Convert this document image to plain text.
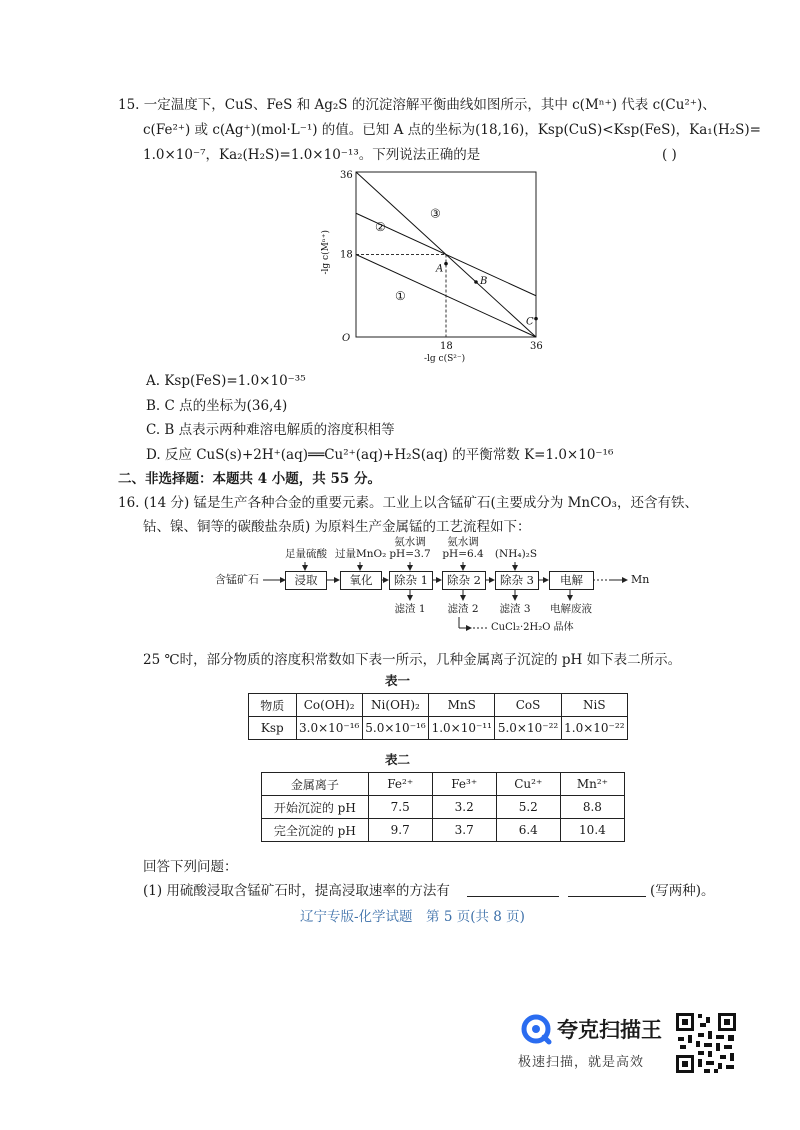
15. 一定温度下，CuS、FeS 和 Ag₂S 的沉淀溶解平衡曲线如图所示，其中 c(Mⁿ⁺) 代表 c(Cu²⁺)、
c(Fe²⁺) 或 c(Ag⁺)(mol·L⁻¹) 的值。已知 A 点的坐标为(18,16)，Ksp(CuS)<Ksp(FeS)，Ka₁(H₂S)=
1.0×10⁻⁷，Ka₂(H₂S)=1.0×10⁻¹³。下列说法正确的是	( )
O
18	36
18
36
-lg c(S²⁻)
-lg c(Mⁿ⁺)
①
②
③
A
B
C
A. Ksp(FeS)=1.0×10⁻³⁵
B. C 点的坐标为(36,4)
C. B 点表示两种难溶电解质的溶度积相等
D. 反应 CuS(s)+2H⁺(aq)══Cu²⁺(aq)+H₂S(aq) 的平衡常数 K=1.0×10⁻¹⁶
二、非选择题：本题共 4 小题，共 55 分。
16. (14 分) 锰是生产各种合金的重要元素。工业上以含锰矿石(主要成分为 MnCO₃，还含有铁、
钴、镍、铜等的碳酸盐杂质) 为原料生产金属锰的工艺流程如下：
含锰矿石	浸取	氧化	除杂 1	除杂 2	除杂 3	电解	Mn
足量硫酸 过量MnO₂
氨水调
pH=3.7
氨水调
pH=6.4	(NH₄)₂S
滤渣 1	滤渣 2	滤渣 3	电解废液
CuCl₂·2H₂O 晶体
25 ℃时，部分物质的溶度积常数如下表一所示，几种金属离子沉淀的 pH 如下表二所示。
表一
物质	Co(OH)₂	Ni(OH)₂	MnS	CoS	NiS
Ksp	3.0×10⁻¹⁶	5.0×10⁻¹⁶	1.0×10⁻¹¹	5.0×10⁻²²	1.0×10⁻²²
表二
金属离子	Fe²⁺	Fe³⁺	Cu²⁺	Mn²⁺
开始沉淀的 pH	7.5	3.2	5.2	8.8
完全沉淀的 pH	9.7	3.7	6.4	10.4
回答下列问题：
(1) 用硫酸浸取含锰矿石时，提高浸取速率的方法有	(写两种)。
辽宁专版-化学试题　第 5 页(共 8 页)
夸克扫描王
极速扫描，就是高效
